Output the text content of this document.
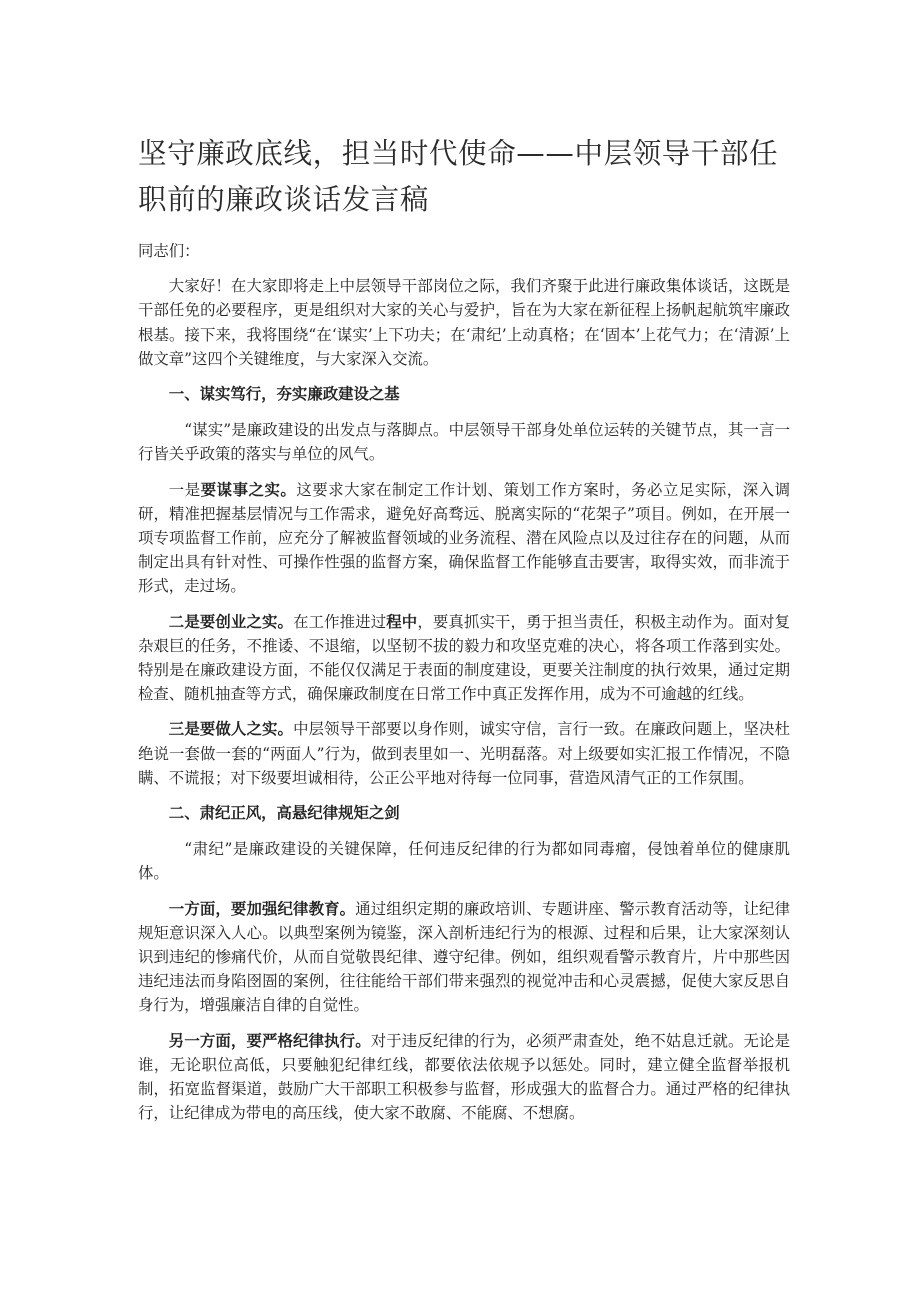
坚守廉政底线，担当时代使命——中层领导干部任职前的廉政谈话发言稿

同志们：

大家好！在大家即将走上中层领导干部岗位之际，我们齐聚于此进行廉政集体谈话，这既是干部任免的必要程序，更是组织对大家的关心与爱护，旨在为大家在新征程上扬帆起航筑牢廉政根基。接下来，我将围绕“在‘谋实’上下功夫；在‘肃纪’上动真格；在‘固本’上花气力；在‘清源’上做文章”这四个关键维度，与大家深入交流。

一、谋实笃行，夯实廉政建设之基

“谋实”是廉政建设的出发点与落脚点。中层领导干部身处单位运转的关键节点，其一言一行皆关乎政策的落实与单位的风气。

一是要谋事之实。这要求大家在制定工作计划、策划工作方案时，务必立足实际，深入调研，精准把握基层情况与工作需求，避免好高骛远、脱离实际的“花架子”项目。例如，在开展一项专项监督工作前，应充分了解被监督领域的业务流程、潜在风险点以及过往存在的问题，从而制定出具有针对性、可操作性强的监督方案，确保监督工作能够直击要害，取得实效，而非流于形式，走过场。

二是要创业之实。在工作推进过程中，要真抓实干，勇于担当责任，积极主动作为。面对复杂艰巨的任务，不推诿、不退缩，以坚韧不拔的毅力和攻坚克难的决心，将各项工作落到实处。特别是在廉政建设方面，不能仅仅满足于表面的制度建设，更要关注制度的执行效果，通过定期检查、随机抽查等方式，确保廉政制度在日常工作中真正发挥作用，成为不可逾越的红线。

三是要做人之实。中层领导干部要以身作则，诚实守信，言行一致。在廉政问题上，坚决杜绝说一套做一套的“两面人”行为，做到表里如一、光明磊落。对上级要如实汇报工作情况，不隐瞒、不谎报；对下级要坦诚相待，公正公平地对待每一位同事，营造风清气正的工作氛围。

二、肃纪正风，高悬纪律规矩之剑

“肃纪”是廉政建设的关键保障，任何违反纪律的行为都如同毒瘤，侵蚀着单位的健康肌体。

一方面，要加强纪律教育。通过组织定期的廉政培训、专题讲座、警示教育活动等，让纪律规矩意识深入人心。以典型案例为镜鉴，深入剖析违纪行为的根源、过程和后果，让大家深刻认识到违纪的惨痛代价，从而自觉敬畏纪律、遵守纪律。例如，组织观看警示教育片，片中那些因违纪违法而身陷囹圄的案例，往往能给干部们带来强烈的视觉冲击和心灵震撼，促使大家反思自身行为，增强廉洁自律的自觉性。

另一方面，要严格纪律执行。对于违反纪律的行为，必须严肃查处，绝不姑息迁就。无论是谁，无论职位高低，只要触犯纪律红线，都要依法依规予以惩处。同时，建立健全监督举报机制，拓宽监督渠道，鼓励广大干部职工积极参与监督，形成强大的监督合力。通过严格的纪律执行，让纪律成为带电的高压线，使大家不敢腐、不能腐、不想腐。
